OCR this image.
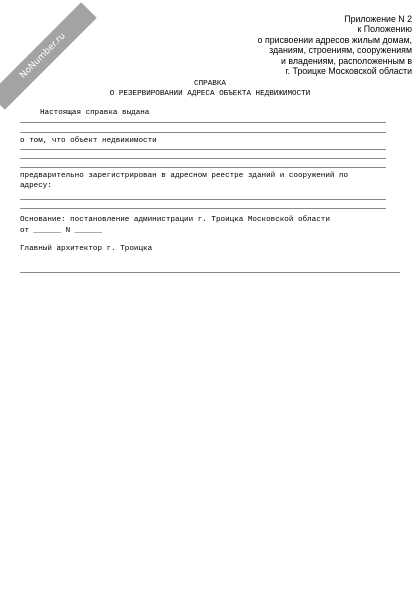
NoNumber.ru
Приложение N 2
к Положению
о присвоении адресов жилым домам,
зданиям, строениям, сооружениям
и владениям, расположенным в
г. Троицке Московской области
СПРАВКА
О РЕЗЕРВИРОВАНИИ АДРЕСА ОБЪЕКТА НЕДВИЖИМОСТИ
Настоящая справка выдана
о том, что объект недвижимости
предварительно зарегистрирован в адресном реестре зданий и сооружений по
адресу:
Основание: постановление администрации г. Троицка Московской области
от ______ N ______
Главный архитектор г. Троицка
